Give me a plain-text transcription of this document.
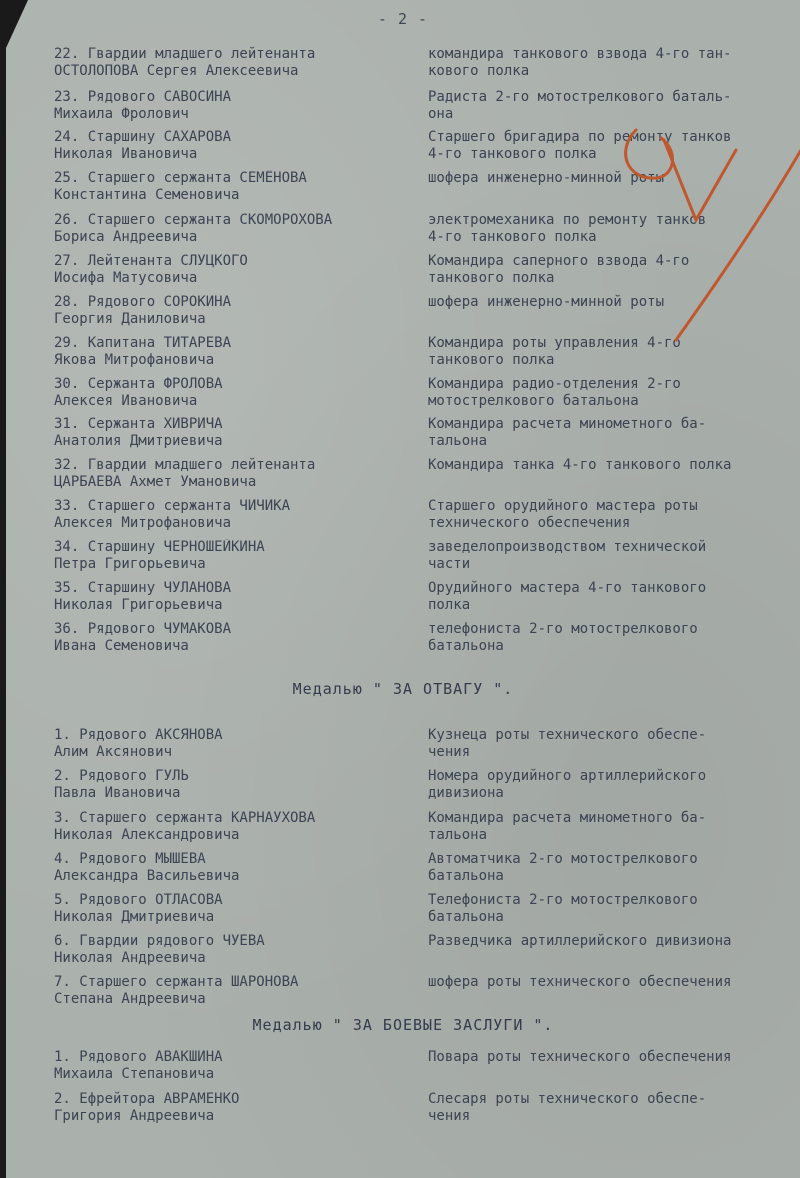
- 2 -
22. Гвардии младшего лейтенанта
ОСТОЛОПОВА Сергея Алексеевича
командира танкового взвода 4-го тан-
кового полка
23. Рядового САВОСИНА
Михаила Фролович
Радиста 2-го мотострелкового баталь-
она
24. Старшину САХАРОВА
Николая Ивановича
Старшего бригадира по ремонту танков
4-го танкового полка
25. Старшего сержанта СЕМЁНОВА
Константина Семеновича
шофера инженерно-минной роты
26. Старшего сержанта СКОМОРОХОВА
Бориса Андреевича
электромеханика по ремонту танков
4-го танкового полка
27. Лейтенанта СЛУЦКОГО
Иосифа Матусовича
Командира саперного взвода 4-го
танкового полка
28. Рядового СОРОКИНА
Георгия Даниловича
шофера инженерно-минной роты
29. Капитана ТИТАРЕВА
Якова Митрофановича
Командира роты управления 4-го
танкового полка
30. Сержанта ФРОЛОВА
Алексея Ивановича
Командира радио-отделения 2-го
мотострелкового батальона
31. Сержанта ХИВРИЧА
Анатолия Дмитриевича
Командира расчета минометного ба-
тальона
32. Гвардии младшего лейтенанта
ЦАРБАЕВА Ахмет Умановича
Командира танка 4-го танкового полка
33. Старшего сержанта ЧИЧИКА
Алексея Митрофановича
Старшего орудийного мастера роты
технического обеспечения
34. Старшину ЧЕРНОШЕЙКИНА
Петра Григорьевича
заведелопроизводством технической
части
35. Старшину ЧУЛАНОВА
Николая Григорьевича
Орудийного мастера 4-го танкового
полка
36. Рядового ЧУМАКОВА
Ивана Семеновича
телефониста 2-го мотострелкового
батальона
Медалью " ЗА ОТВАГУ ".
1. Рядового АКСЯНОВА
Алим Аксянович
Кузнеца роты технического обеспе-
чения
2. Рядового ГУЛЬ
Павла Ивановича
Номера орудийного артиллерийского
дивизиона
3. Старшего сержанта КАРНАУХОВА
Николая Александровича
Командира расчета минометного ба-
тальона
4. Рядового МЫШЕВА
Александра Васильевича
Автоматчика 2-го мотострелкового
батальона
5. Рядового ОТЛАСОВА
Николая Дмитриевича
Телефониста 2-го мотострелкового
батальона
6. Гвардии рядового ЧУЕВА
Николая Андреевича
Разведчика артиллерийского дивизиона
7. Старшего сержанта ШАРОНОВА
Степана Андреевича
шофера роты технического обеспечения
Медалью " ЗА БОЕВЫЕ ЗАСЛУГИ ".
1. Рядового АВАКШИНА
Михаила Степановича
Повара роты технического обеспечения
2. Ефрейтора АВРАМЕНКО
Григория Андреевича
Слесаря роты технического обеспе-
чения
